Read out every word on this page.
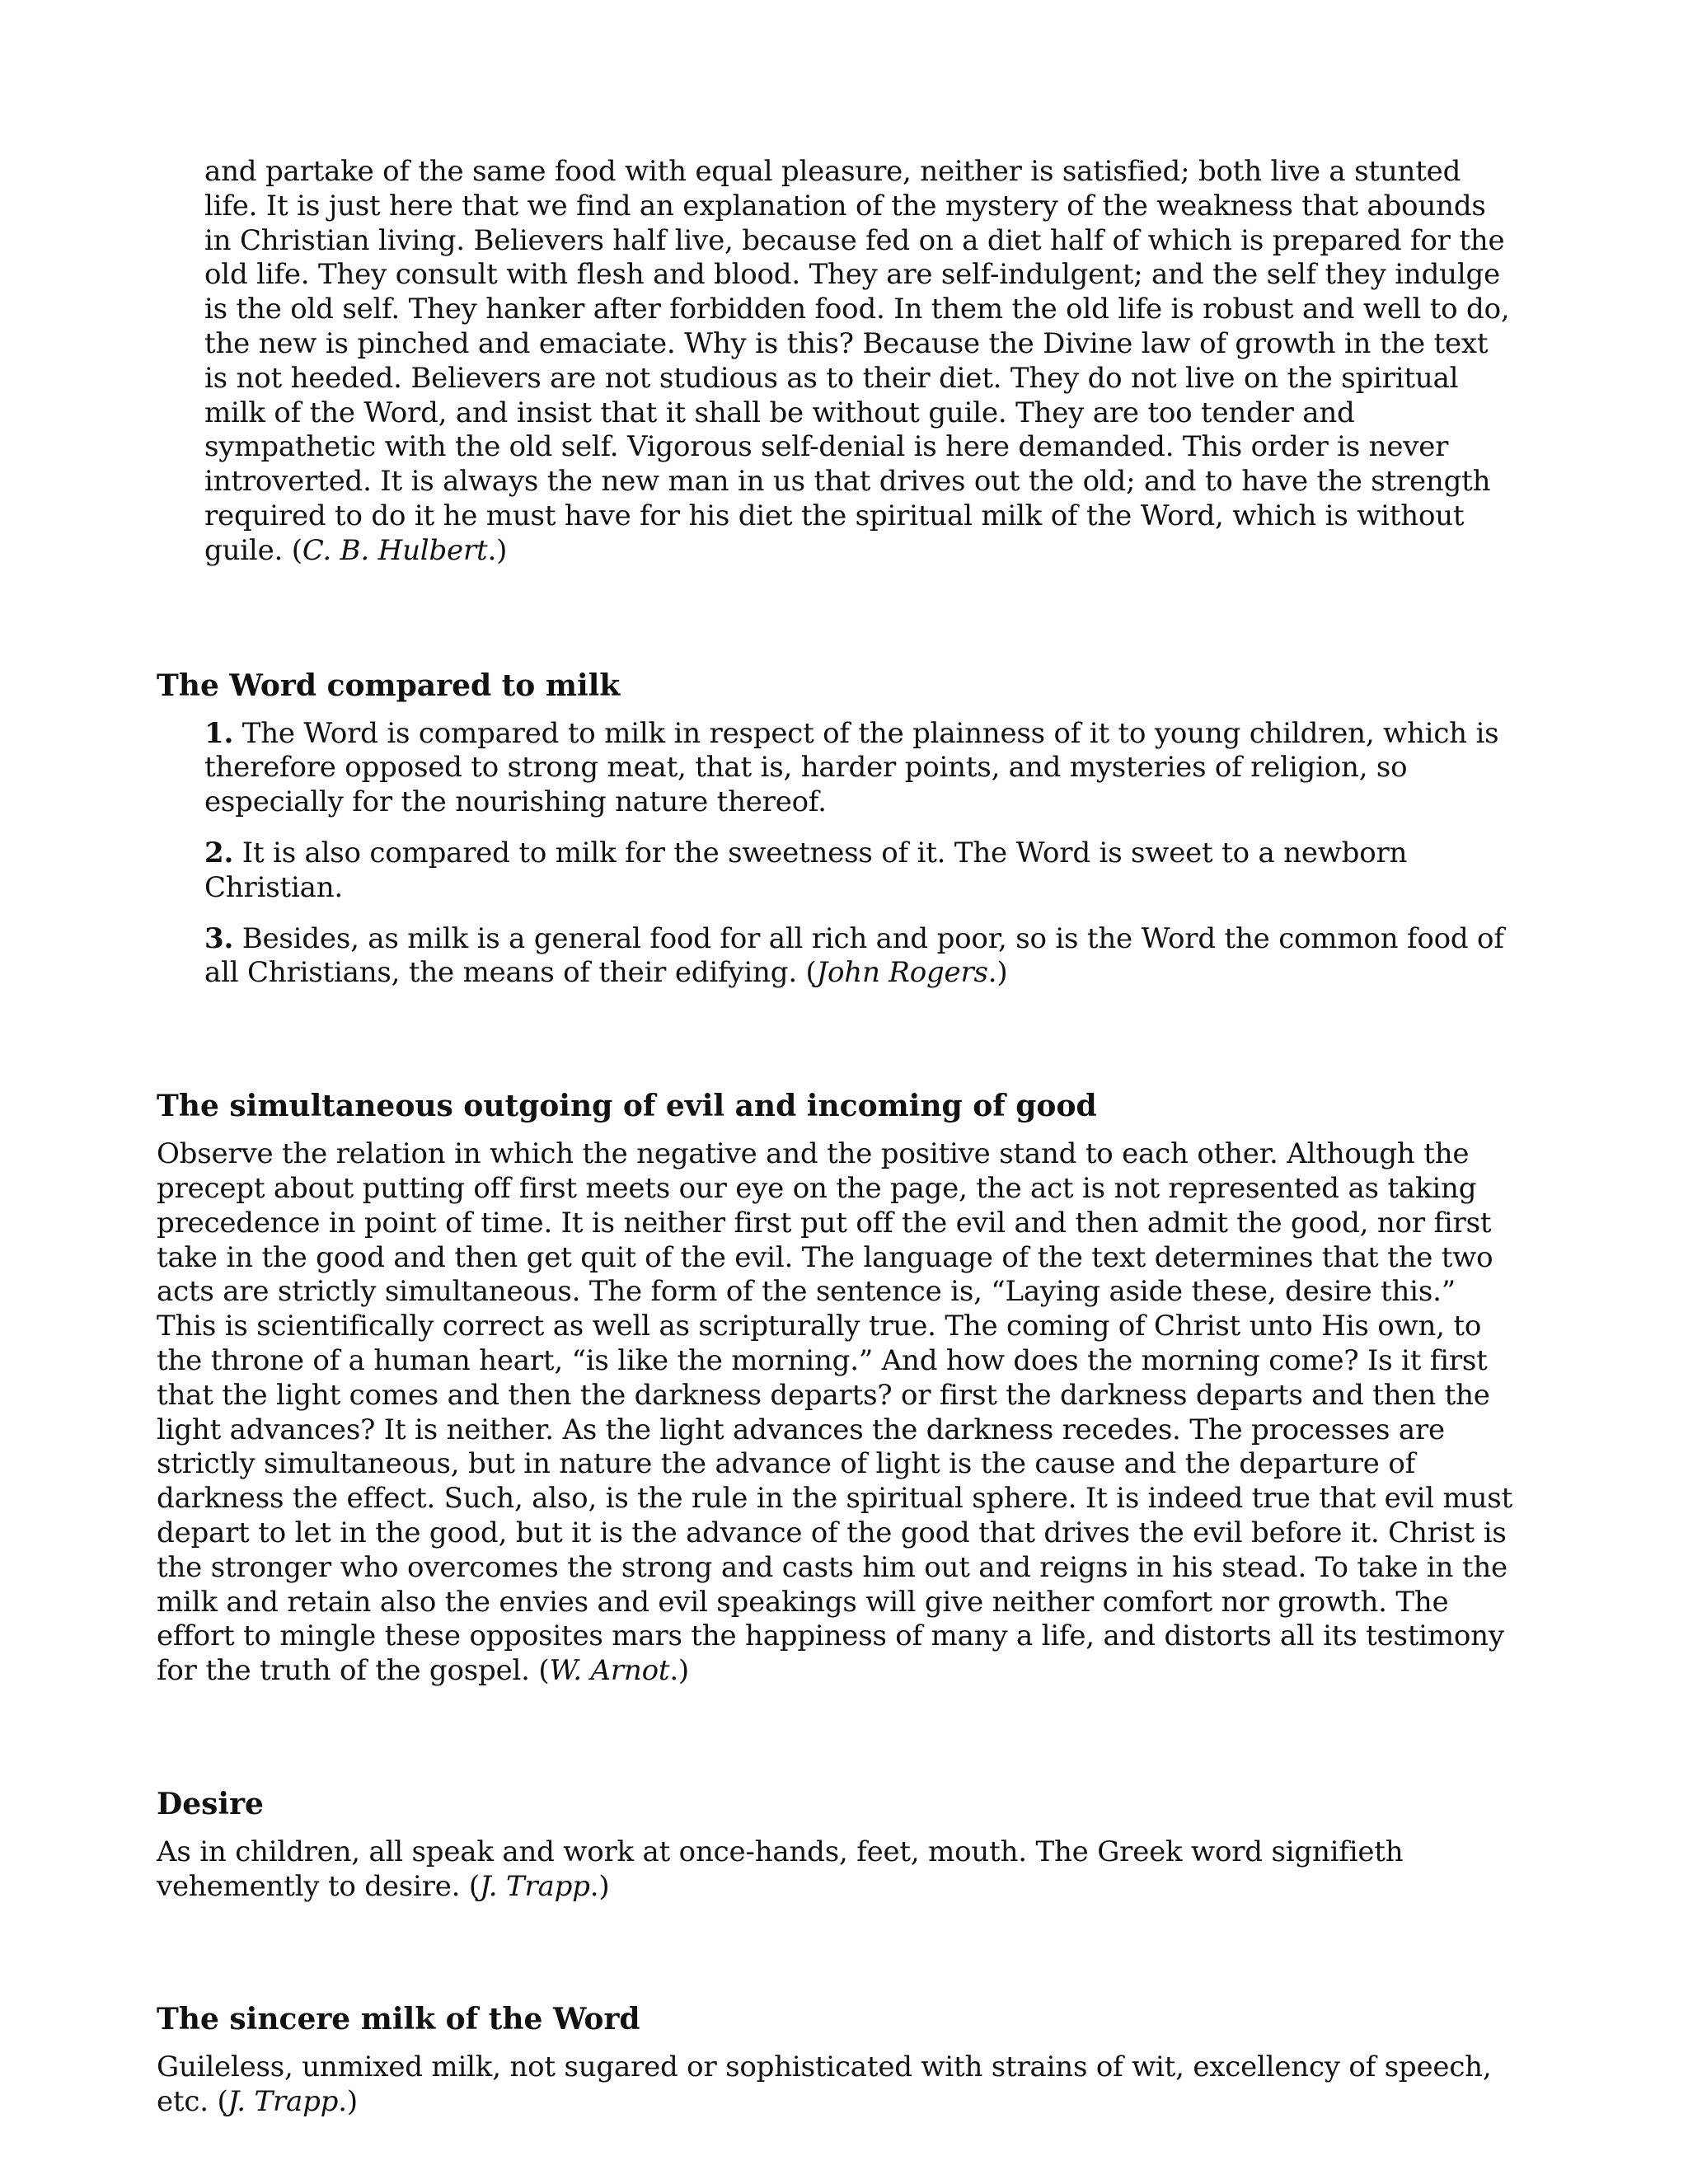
and partake of the same food with equal pleasure, neither is satisfied; both live a stunted life. It is just here that we find an explanation of the mystery of the weakness that abounds in Christian living. Believers half live, because fed on a diet half of which is prepared for the old life. They consult with flesh and blood. They are self-indulgent; and the self they indulge is the old self. They hanker after forbidden food. In them the old life is robust and well to do, the new is pinched and emaciate. Why is this? Because the Divine law of growth in the text is not heeded. Believers are not studious as to their diet. They do not live on the spiritual milk of the Word, and insist that it shall be without guile. They are too tender and sympathetic with the old self. Vigorous self-denial is here demanded. This order is never introverted. It is always the new man in us that drives out the old; and to have the strength required to do it he must have for his diet the spiritual milk of the Word, which is without guile. (C. B. Hulbert.)

The Word compared to milk

1. The Word is compared to milk in respect of the plainness of it to young children, which is therefore opposed to strong meat, that is, harder points, and mysteries of religion, so especially for the nourishing nature thereof.

2. It is also compared to milk for the sweetness of it. The Word is sweet to a newborn Christian.

3. Besides, as milk is a general food for all rich and poor, so is the Word the common food of all Christians, the means of their edifying. (John Rogers.)

The simultaneous outgoing of evil and incoming of good

Observe the relation in which the negative and the positive stand to each other. Although the precept about putting off first meets our eye on the page, the act is not represented as taking precedence in point of time. It is neither first put off the evil and then admit the good, nor first take in the good and then get quit of the evil. The language of the text determines that the two acts are strictly simultaneous. The form of the sentence is, “Laying aside these, desire this.” This is scientifically correct as well as scripturally true. The coming of Christ unto His own, to the throne of a human heart, “is like the morning.” And how does the morning come? Is it first that the light comes and then the darkness departs? or first the darkness departs and then the light advances? It is neither. As the light advances the darkness recedes. The processes are strictly simultaneous, but in nature the advance of light is the cause and the departure of darkness the effect. Such, also, is the rule in the spiritual sphere. It is indeed true that evil must depart to let in the good, but it is the advance of the good that drives the evil before it. Christ is the stronger who overcomes the strong and casts him out and reigns in his stead. To take in the milk and retain also the envies and evil speakings will give neither comfort nor growth. The effort to mingle these opposites mars the happiness of many a life, and distorts all its testimony for the truth of the gospel. (W. Arnot.)

Desire

As in children, all speak and work at once-hands, feet, mouth. The Greek word signifieth vehemently to desire. (J. Trapp.)

The sincere milk of the Word

Guileless, unmixed milk, not sugared or sophisticated with strains of wit, excellency of speech, etc. (J. Trapp.)
